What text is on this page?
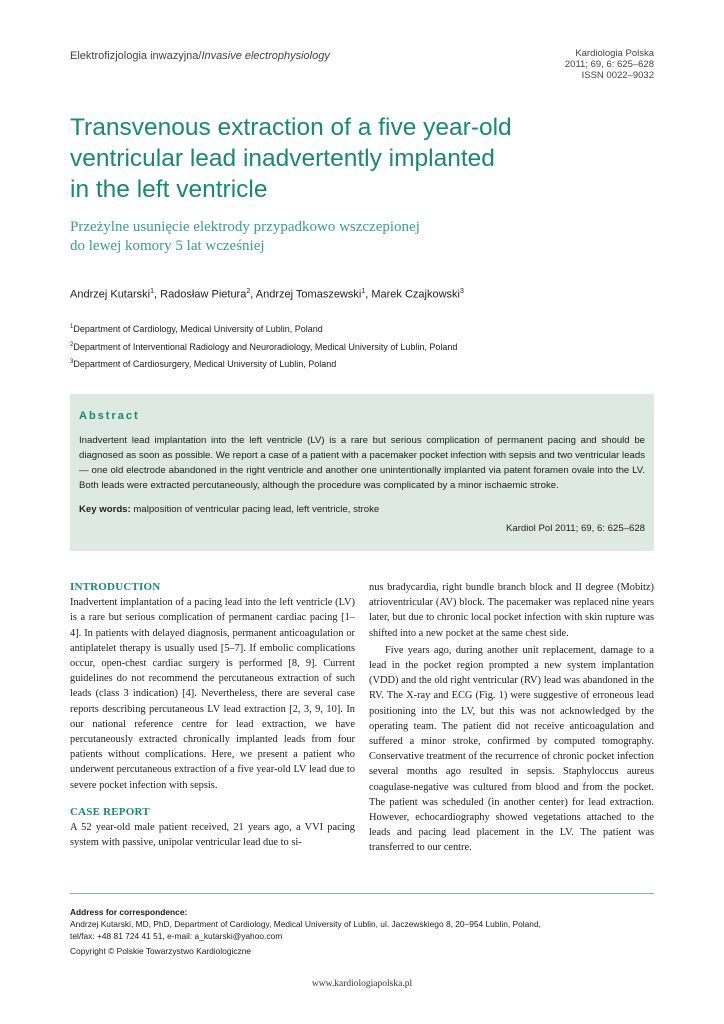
Elektrofizjologia inwazyjna/Invasive electrophysiology	Kardiologia Polska
2011; 69, 6: 625–628
ISSN 0022–9032
Transvenous extraction of a five year-old
ventricular lead inadvertently implanted
in the left ventricle
Przeżylne usunięcie elektrody przypadkowo wszczepionej
do lewej komory 5 lat wcześniej
Andrzej Kutarski$^1$, Radosław Pietura$^2$, Andrzej Tomaszewski$^1$, Marek Czajkowski$^3$
$^1$Department of Cardiology, Medical University of Lublin, Poland
$^2$Department of Interventional Radiology and Neuroradiology, Medical University of Lublin, Poland
$^3$Department of Cardiosurgery, Medical University of Lublin, Poland
Abstract
Inadvertent lead implantation into the left ventricle (LV) is a rare but serious complication of permanent pacing and should be diagnosed as soon as possible. We report a case of a patient with a pacemaker pocket infection with sepsis and two ventricular leads — one old electrode abandoned in the right ventricle and another one unintentionally implanted via patent foramen ovale into the LV. Both leads were extracted percutaneously, although the procedure was complicated by a minor ischaemic stroke.
Key words: malposition of ventricular pacing lead, left ventricle, stroke
Kardiol Pol 2011; 69, 6: 625–628
INTRODUCTION

Inadvertent implantation of a pacing lead into the left ventricle (LV) is a rare but serious complication of permanent cardiac pacing [1–4]. In patients with delayed diagnosis, permanent anticoagulation or antiplatelet therapy is usually used [5–7]. If embolic complications occur, open-chest cardiac surgery is performed [8, 9]. Current guidelines do not recommend the percutaneous extraction of such leads (class 3 indication) [4]. Nevertheless, there are several case reports describing percutaneous LV lead extraction [2, 3, 9, 10]. In our national reference centre for lead extraction, we have percutaneously extracted chronically implanted leads from four patients without complications. Here, we present a patient who underwent percutaneous extraction of a five year-old LV lead due to severe pocket infection with sepsis.

CASE REPORT

A 52 year-old male patient received, 21 years ago, a VVI pacing system with passive, unipolar ventricular lead due to si-

nus bradycardia, right bundle branch block and II degree (Mobitz) atrioventricular (AV) block. The pacemaker was replaced nine years later, but due to chronic local pocket infection with skin rupture was shifted into a new pocket at the same chest side.

Five years ago, during another unit replacement, damage to a lead in the pocket region prompted a new system implantation (VDD) and the old right ventricular (RV) lead was abandoned in the RV. The X-ray and ECG (Fig. 1) were suggestive of erroneous lead positioning into the LV, but this was not acknowledged by the operating team. The patient did not receive anticoagulation and suffered a minor stroke, confirmed by computed tomography. Conservative treatment of the recurrence of chronic pocket infection several months ago resulted in sepsis. Staphyloccus aureus coagulase-negative was cultured from blood and from the pocket. The patient was scheduled (in another center) for lead extraction. However, echocardiography showed vegetations attached to the leads and pacing lead placement in the LV. The patient was transferred to our centre.

Address for correspondence:
Andrzej Kutarski, MD, PhD, Department of Cardiology, Medical University of Lublin, ul. Jaczewskiego 8, 20–954 Lublin, Poland,
tel/fax: +48 81 724 41 51, e-mail: a_kutarski@yahoo.com
Copyright © Polskie Towarzystwo Kardiologiczne
www.kardiologiapolska.pl
